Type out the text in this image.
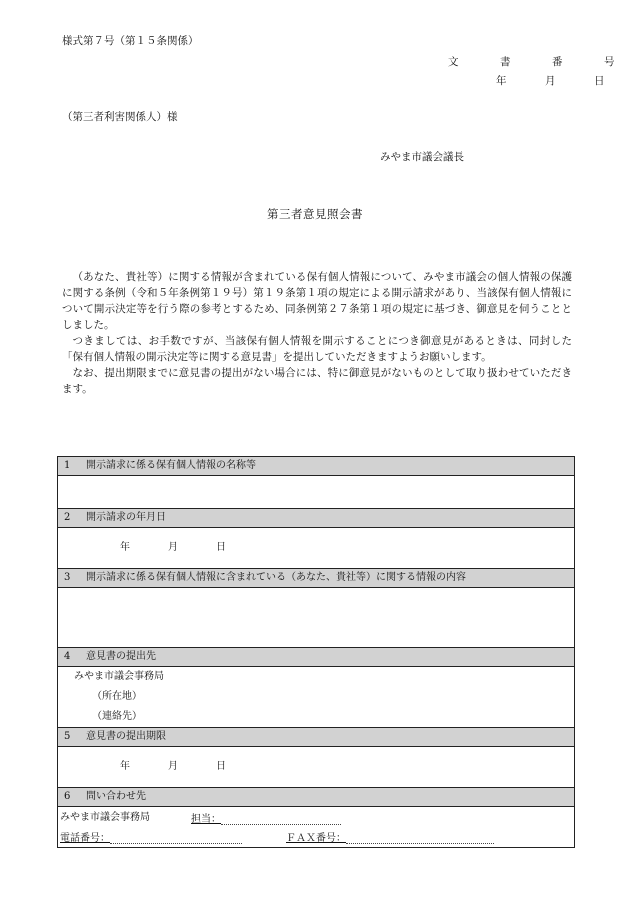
様式第７号（第１５条関係）
文　書　番　号
年　月　日
（第三者利害関係人）様
みやま市議会議長
第三者意見照会書

（あなた、貴社等）に関する情報が含まれている保有個人情報について、みやま市議会の個人情報の保護に関する条例（令和５年条例第１９号）第１９条第１項の規定による開示請求があり、当該保有個人情報について開示決定等を行う際の参考とするため、同条例第２７条第１項の規定に基づき、御意見を伺うこととしました。

つきましては、お手数ですが、当該保有個人情報を開示することにつき御意見があるときは、同封した「保有個人情報の開示決定等に関する意見書」を提出していただきますようお願いします。

なお、提出期限までに意見書の提出がない場合には、特に御意見がないものとして取り扱わせていただきます。

1	開示請求に係る保有個人情報の名称等
2	開示請求の年月日
年	月	日
3	開示請求に係る保有個人情報に含まれている（あなた、貴社等）に関する情報の内容
4	意見書の提出先
みやま市議会事務局
（所在地）
（連絡先）
5	意見書の提出期限
年	月	日
6	問い合わせ先
みやま市議会事務局	担当：
電話番号：	ＦＡＸ番号：
